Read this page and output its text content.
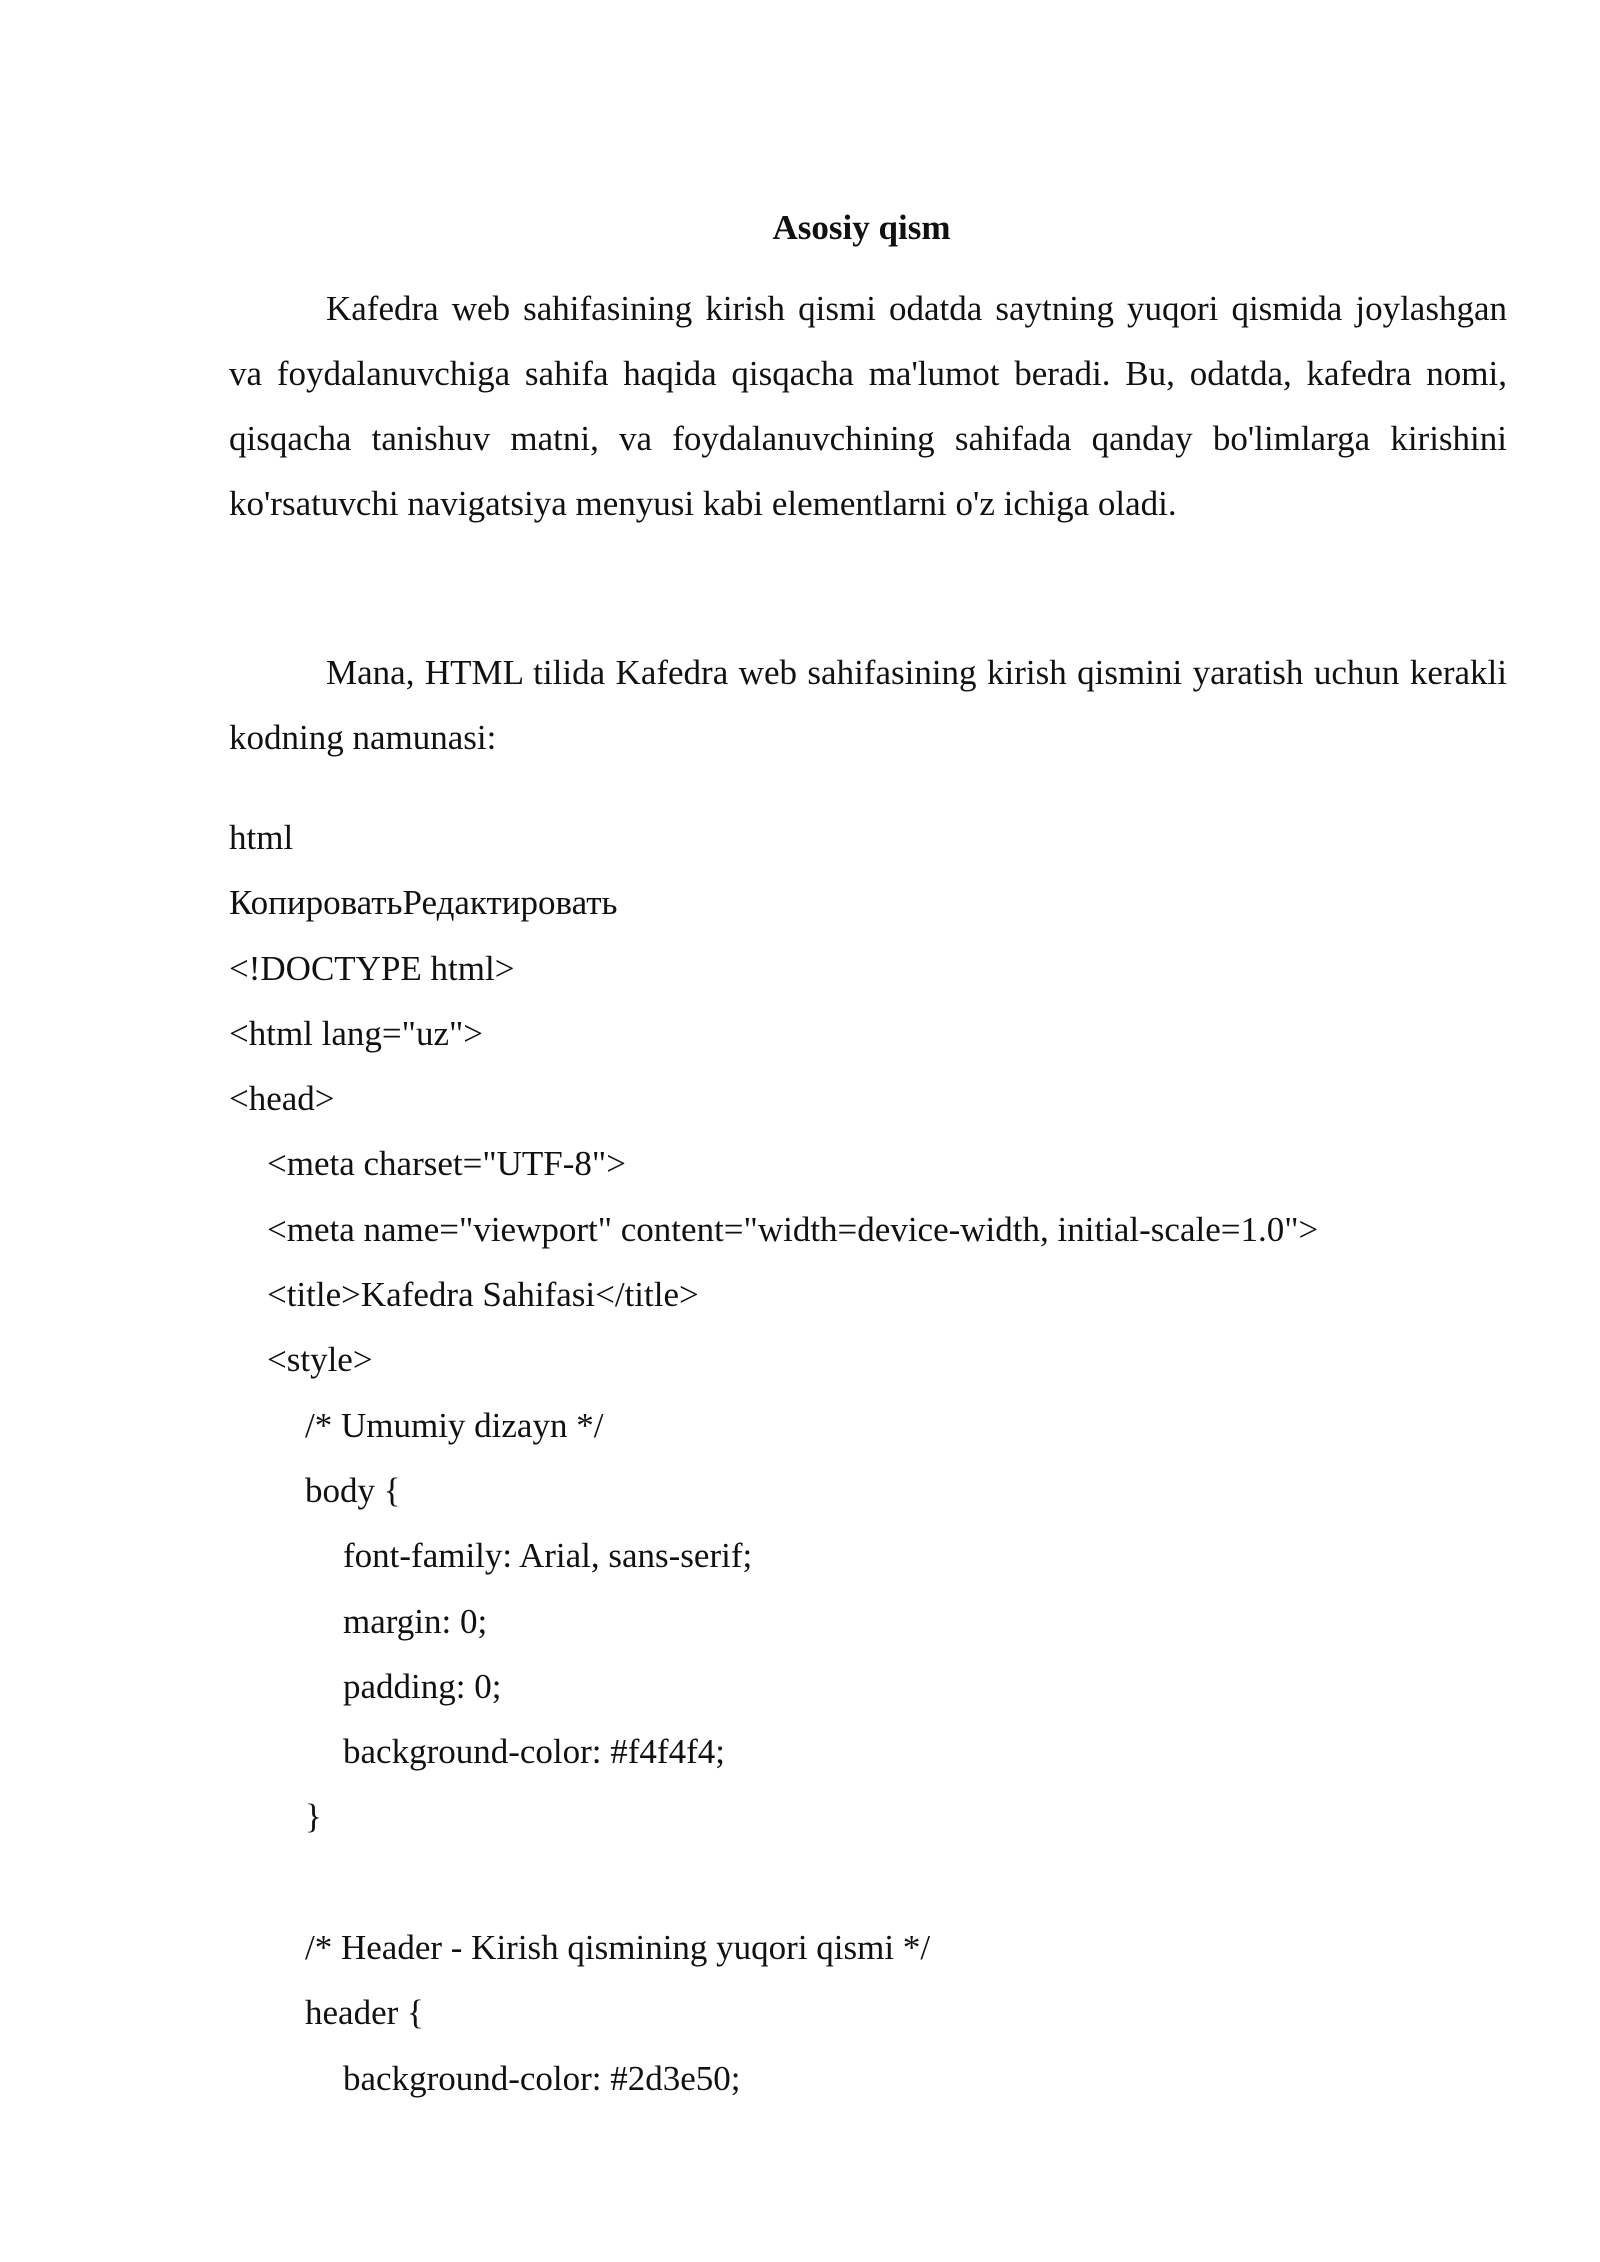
Asosiy qism

Kafedra web sahifasining kirish qismi odatda saytning yuqori qismida joylashgan va foydalanuvchiga sahifa haqida qisqacha ma'lumot beradi. Bu, odatda, kafedra nomi, qisqacha tanishuv matni, va foydalanuvchining sahifada qanday bo'limlarga kirishini ko'rsatuvchi navigatsiya menyusi kabi elementlarni o'z ichiga oladi.

Mana, HTML tilida Kafedra web sahifasining kirish qismini yaratish uchun kerakli kodning namunasi:

html
КопироватьРедактировать
<!DOCTYPE html>
<html lang="uz">
<head>
<meta charset="UTF-8">
<meta name="viewport" content="width=device-width, initial-scale=1.0">
<title>Kafedra Sahifasi</title>
<style>
/* Umumiy dizayn */
body {
font-family: Arial, sans-serif;
margin: 0;
padding: 0;
background-color: #f4f4f4;
}
/* Header - Kirish qismining yuqori qismi */
header {
background-color: #2d3e50;
